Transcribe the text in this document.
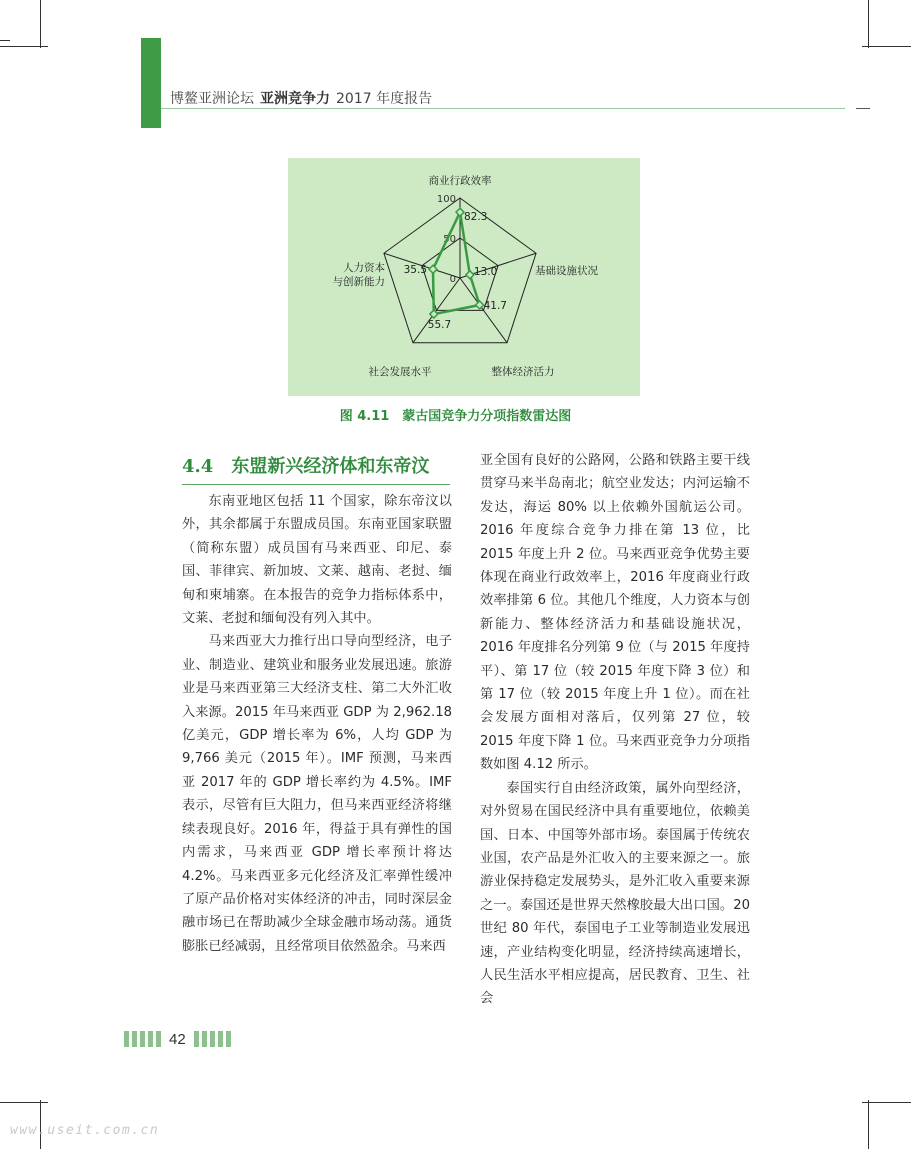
博鳌亚洲论坛 亚洲竞争力 2017 年度报告
0
50
100
82.3
13.0
41.7
55.7
35.5
商业行政效率
基础设施状况
整体经济活力
社会发展水平
人力资本
与创新能力
图 4.11　蒙古国竞争力分项指数雷达图
4.4　东盟新兴经济体和东帝汶

东南亚地区包括 11 个国家，除东帝汶以外，其余都属于东盟成员国。东南亚国家联盟（简称东盟）成员国有马来西亚、印尼、泰国、菲律宾、新加坡、文莱、越南、老挝、缅甸和柬埔寨。在本报告的竞争力指标体系中，文莱、老挝和缅甸没有列入其中。

马来西亚大力推行出口导向型经济，电子业、制造业、建筑业和服务业发展迅速。旅游业是马来西亚第三大经济支柱、第二大外汇收入来源。2015 年马来西亚 GDP 为 2,962.18 亿美元，GDP 增长率为 6%，人均 GDP 为 9,766 美元（2015 年）。IMF 预测，马来西亚 2017 年的 GDP 增长率约为 4.5%。IMF 表示，尽管有巨大阻力，但马来西亚经济将继续表现良好。2016 年，得益于具有弹性的国内需求，马来西亚 GDP 增长率预计将达 4.2%。马来西亚多元化经济及汇率弹性缓冲了原产品价格对实体经济的冲击，同时深层金融市场已在帮助减少全球金融市场动荡。通货膨胀已经减弱，且经常项目依然盈余。马来西

亚全国有良好的公路网，公路和铁路主要干线贯穿马来半岛南北；航空业发达；内河运输不发达，海运 80% 以上依赖外国航运公司。2016 年度综合竞争力排在第 13 位，比 2015 年度上升 2 位。马来西亚竞争优势主要体现在商业行政效率上，2016 年度商业行政效率排第 6 位。其他几个维度，人力资本与创新能力、整体经济活力和基础设施状况，2016 年度排名分列第 9 位（与 2015 年度持平）、第 17 位（较 2015 年度下降 3 位）和第 17 位（较 2015 年度上升 1 位）。而在社会发展方面相对落后，仅列第 27 位，较 2015 年度下降 1 位。马来西亚竞争力分项指数如图 4.12 所示。

泰国实行自由经济政策，属外向型经济，对外贸易在国民经济中具有重要地位，依赖美国、日本、中国等外部市场。泰国属于传统农业国，农产品是外汇收入的主要来源之一。旅游业保持稳定发展势头，是外汇收入重要来源之一。泰国还是世界天然橡胶最大出口国。20 世纪 80 年代，泰国电子工业等制造业发展迅速，产业结构变化明显，经济持续高速增长，人民生活水平相应提高，居民教育、卫生、社会

42
www.useit.com.cn
